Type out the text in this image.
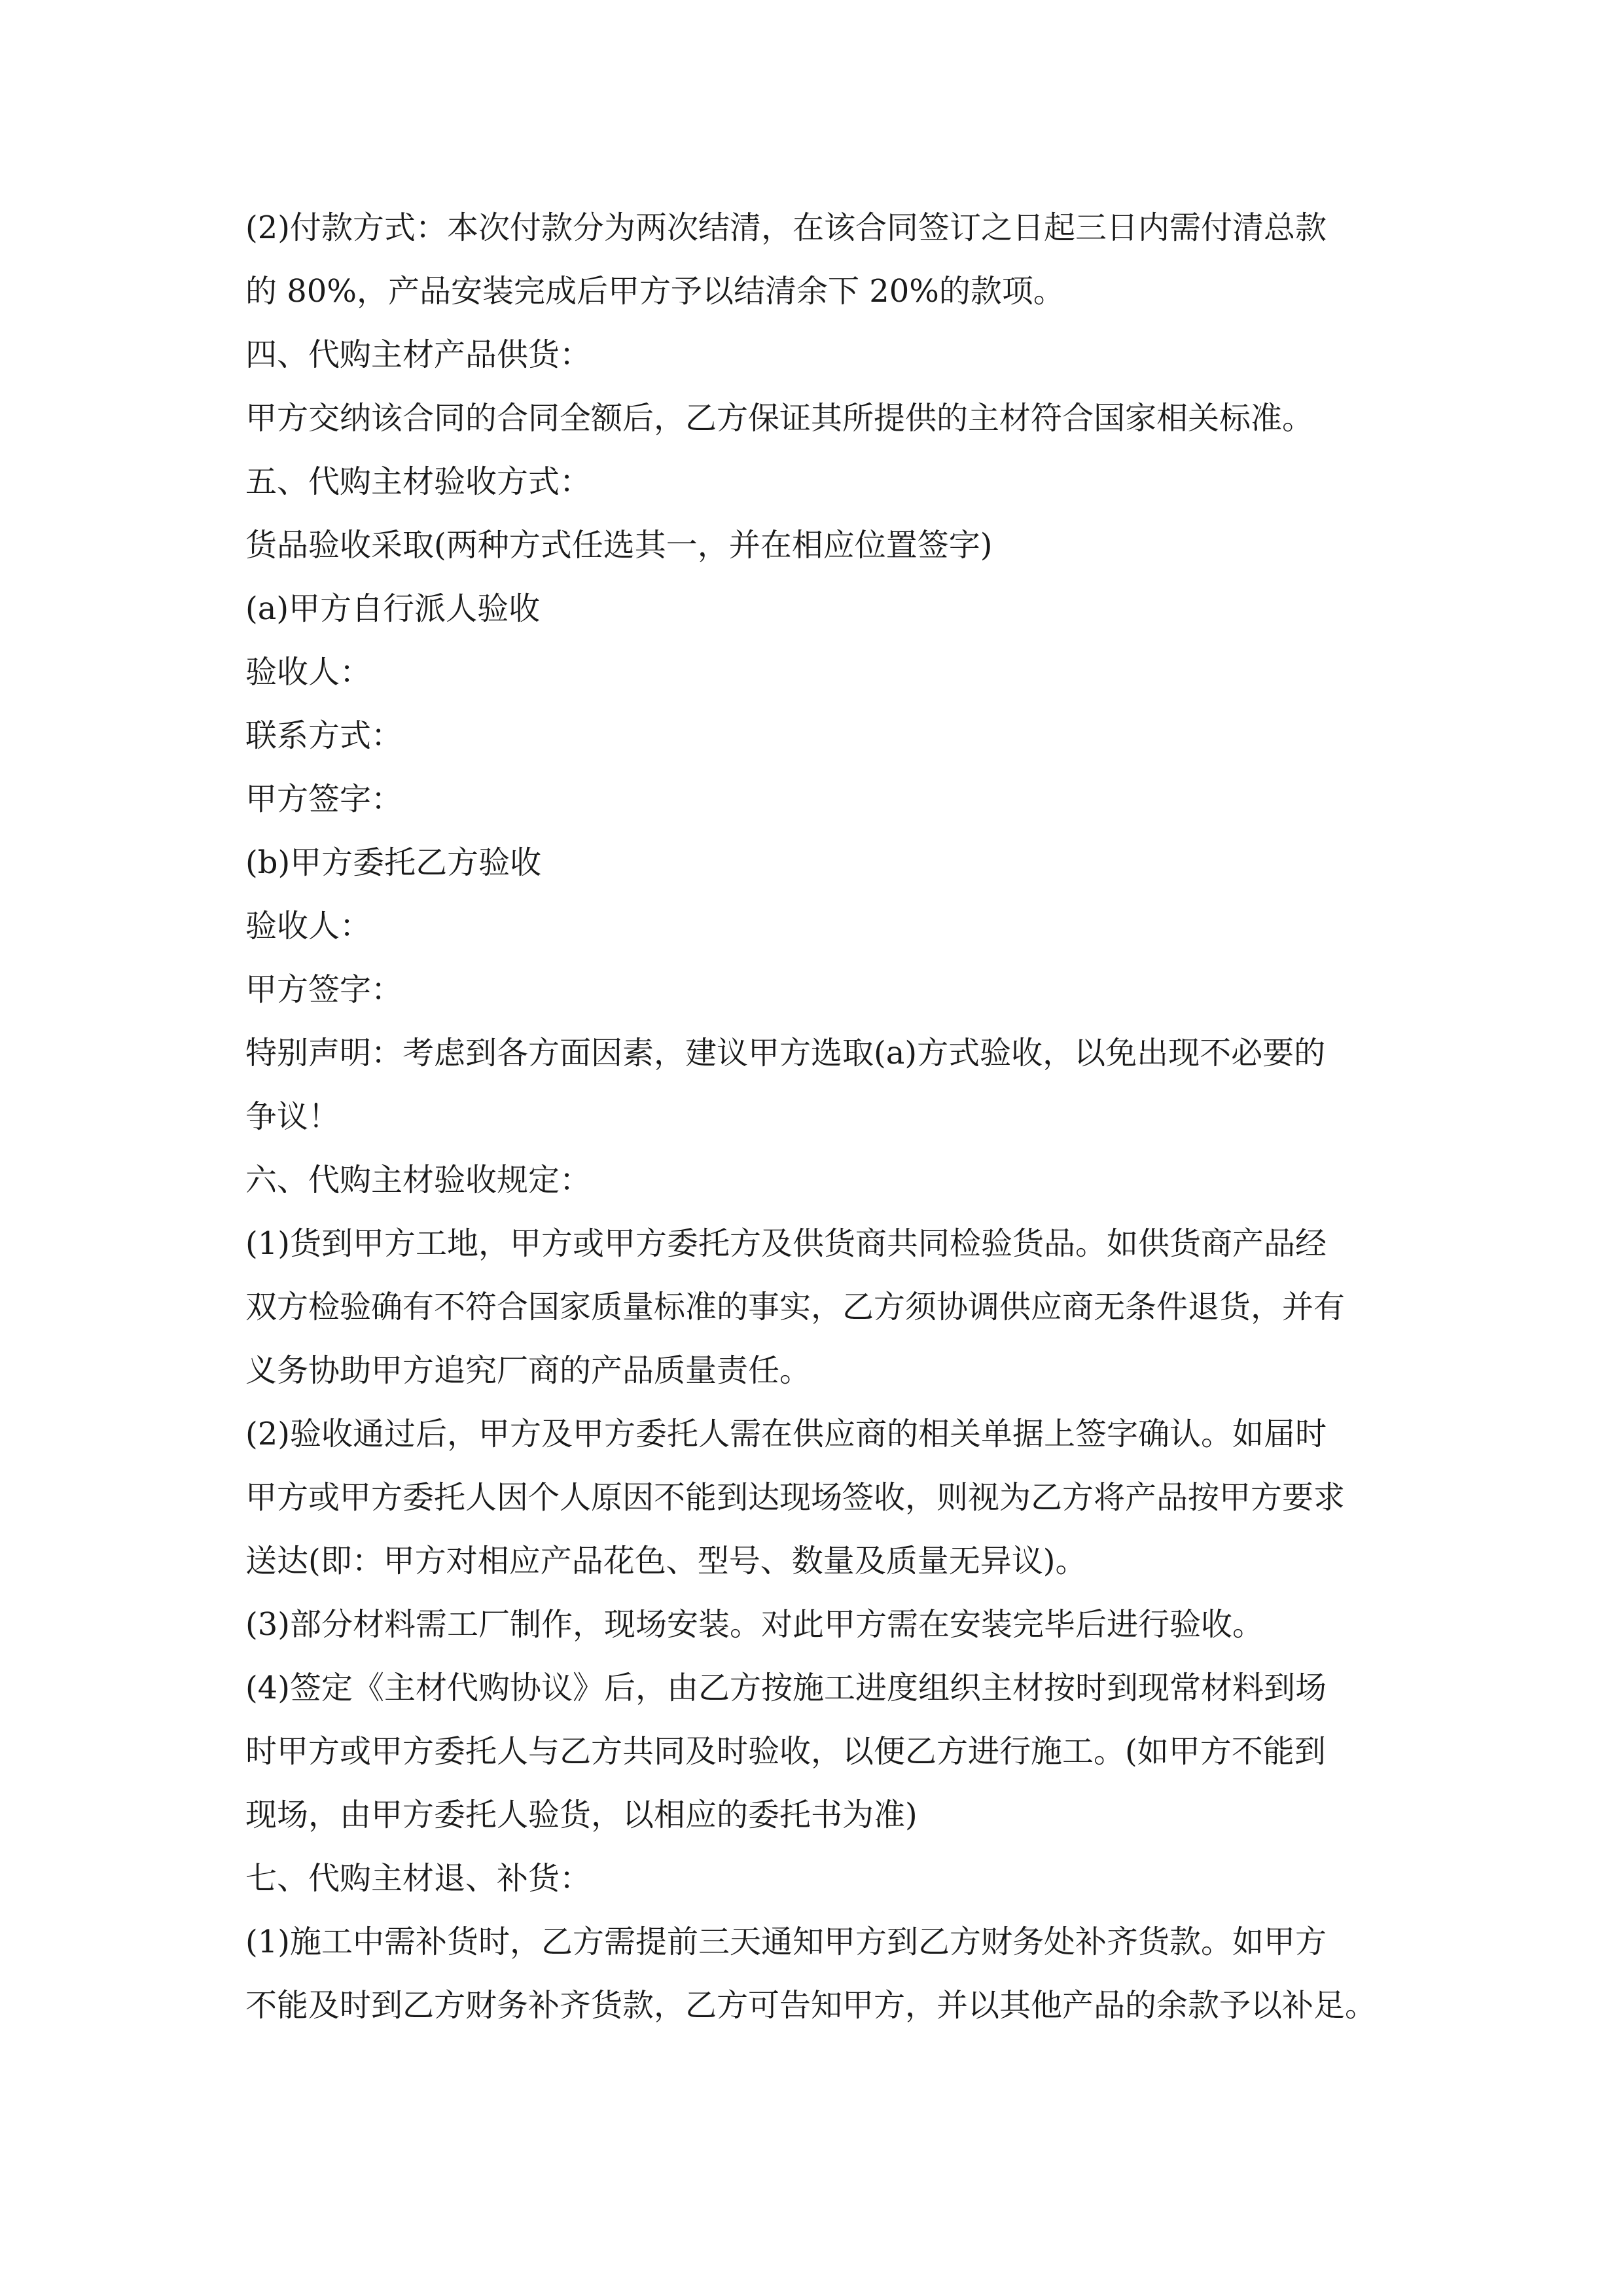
(2)付款方式：本次付款分为两次结清，在该合同签订之日起三日内需付清总款
的 80%，产品安装完成后甲方予以结清余下 20%的款项。
四、代购主材产品供货：
甲方交纳该合同的合同全额后，乙方保证其所提供的主材符合国家相关标准。
五、代购主材验收方式：
货品验收采取(两种方式任选其一，并在相应位置签字)
(a)甲方自行派人验收
验收人：
联系方式：
甲方签字：
(b)甲方委托乙方验收
验收人：
甲方签字：
特别声明：考虑到各方面因素，建议甲方选取(a)方式验收，以免出现不必要的
争议！
六、代购主材验收规定：
(1)货到甲方工地，甲方或甲方委托方及供货商共同检验货品。如供货商产品经
双方检验确有不符合国家质量标准的事实，乙方须协调供应商无条件退货，并有
义务协助甲方追究厂商的产品质量责任。
(2)验收通过后，甲方及甲方委托人需在供应商的相关单据上签字确认。如届时
甲方或甲方委托人因个人原因不能到达现场签收，则视为乙方将产品按甲方要求
送达(即：甲方对相应产品花色、型号、数量及质量无异议)。
(3)部分材料需工厂制作，现场安装。对此甲方需在安装完毕后进行验收。
(4)签定《主材代购协议》后，由乙方按施工进度组织主材按时到现常材料到场
时甲方或甲方委托人与乙方共同及时验收，以便乙方进行施工。(如甲方不能到
现场，由甲方委托人验货，以相应的委托书为准)
七、代购主材退、补货：
(1)施工中需补货时，乙方需提前三天通知甲方到乙方财务处补齐货款。如甲方
不能及时到乙方财务补齐货款，乙方可告知甲方，并以其他产品的余款予以补足。
